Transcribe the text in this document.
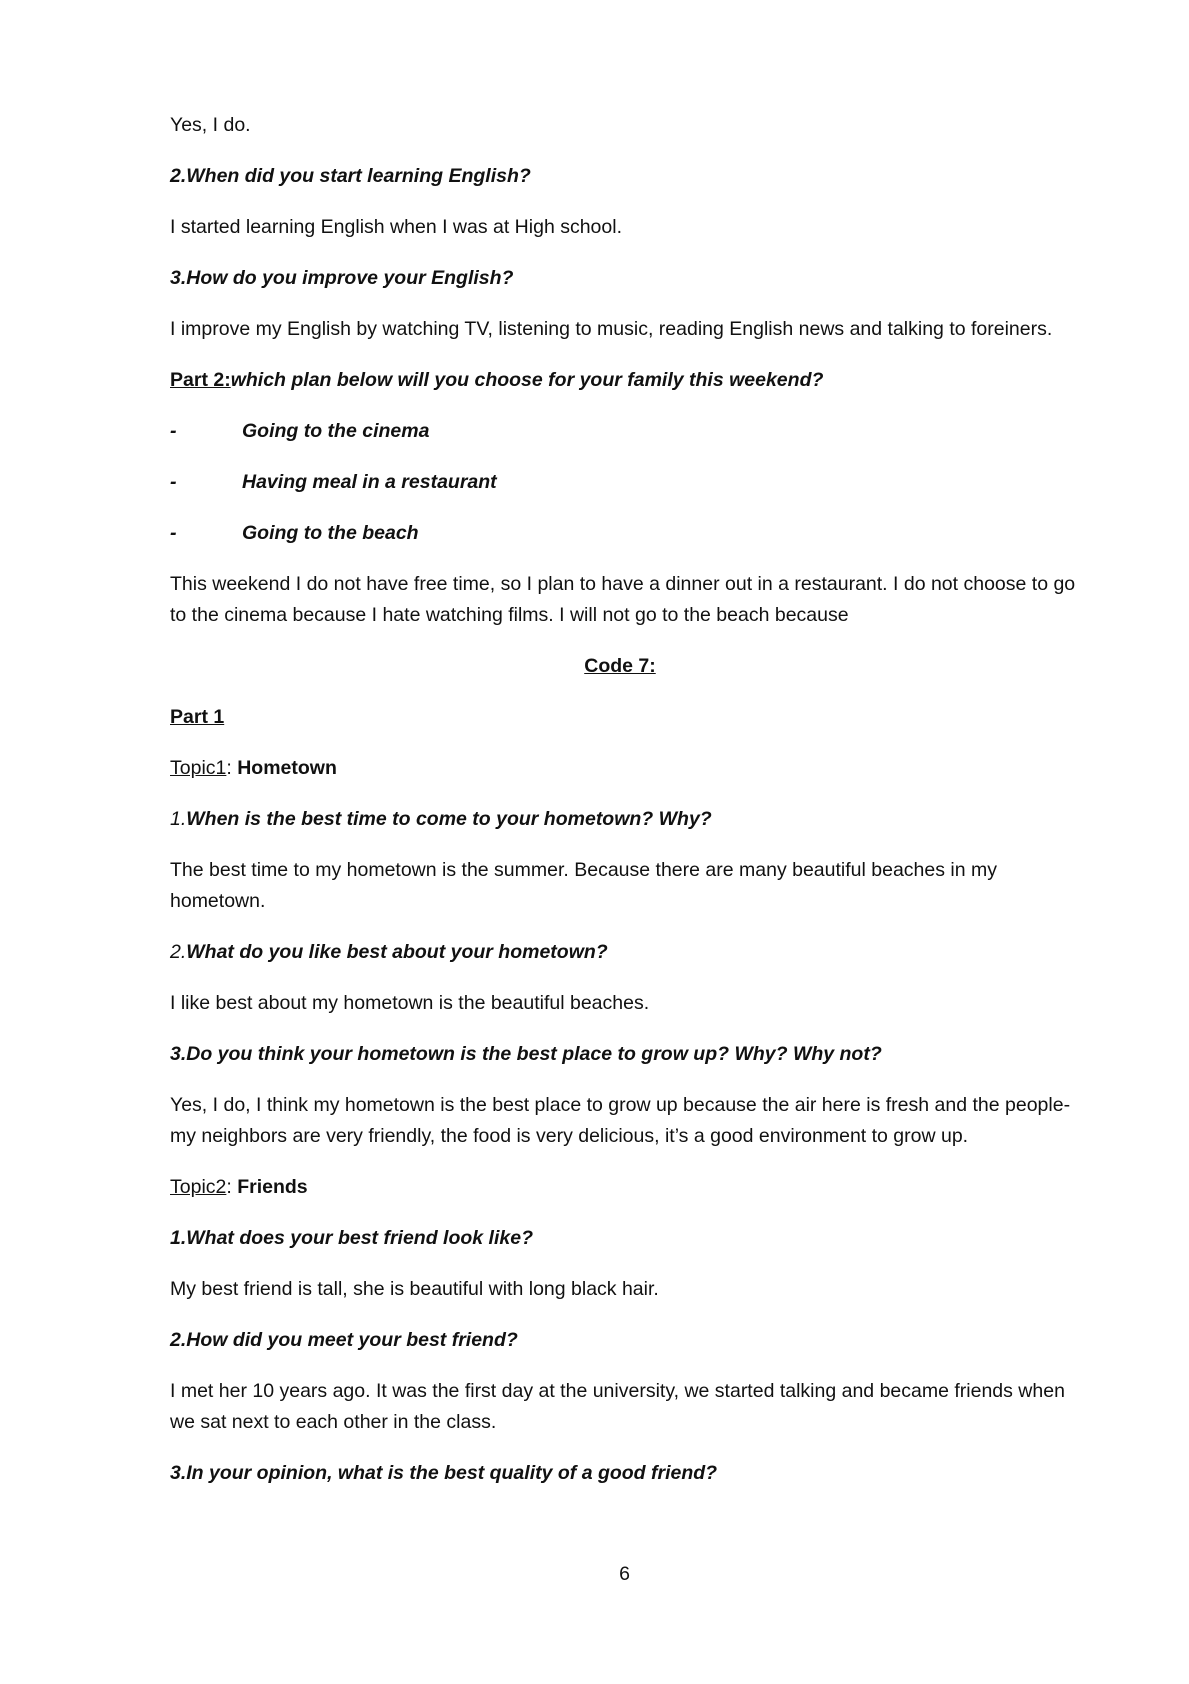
Yes, I do.

2.When did you start learning English?

I started learning English when I was at High school.

3.How do you improve your English?

I improve my English by watching TV, listening to music, reading English news and talking to foreiners.

Part 2:which plan below will you choose for your family this weekend?

-	Going to the cinema

-	Having meal in a restaurant

-	Going to the beach

This weekend I do not have free time, so I plan to have a dinner out in a restaurant. I do not choose to go to the cinema because I hate watching films. I will not go to the beach because

Code 7:

Part 1

Topic1: Hometown

1.When is the best time to come to your hometown? Why?

The best time to my hometown is the summer. Because there are many beautiful beaches in my hometown.

2.What do you like best about your hometown?

I like best about my hometown is the beautiful beaches.

3.Do you think your hometown is the best place to grow up? Why? Why not?

Yes, I do, I think my hometown is the best place to grow up because the air here is fresh and the people-my neighbors are very friendly, the food is very delicious, it’s a good environment to grow up.

Topic2: Friends

1.What does your best friend look like?

My best friend is tall, she is beautiful with long black hair.

2.How did you meet your best friend?

I met her 10 years ago. It was the first day at the university, we started talking and became friends when we sat next to each other in the class.

3.In your opinion, what is the best quality of a good friend?

6
